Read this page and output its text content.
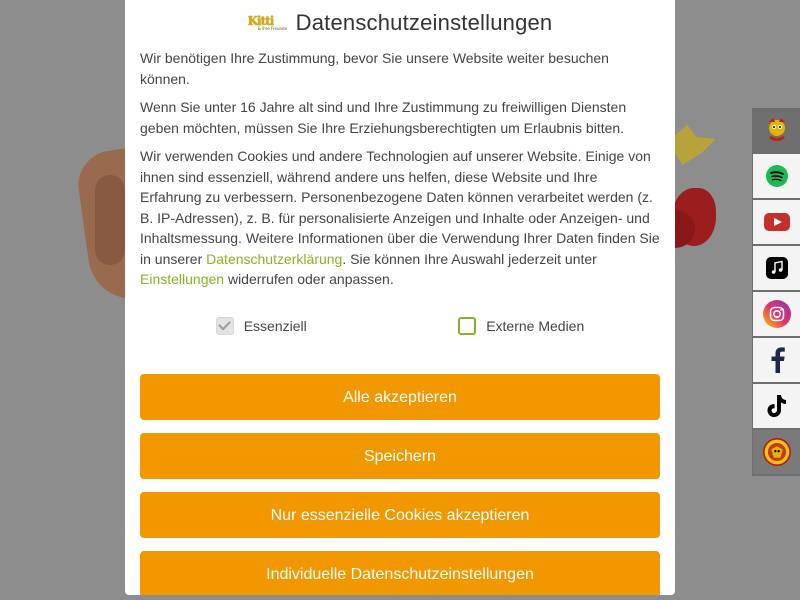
Kitti
& ihre Freunde Datenschutzeinstellungen

Wir benötigen Ihre Zustimmung, bevor Sie unsere Website weiter besuchen können.

Wenn Sie unter 16 Jahre alt sind und Ihre Zustimmung zu freiwilligen Diensten geben möchten, müssen Sie Ihre Erziehungsberechtigten um Erlaubnis bitten.

Wir verwenden Cookies und andere Technologien auf unserer Website. Einige von ihnen sind essenziell, während andere uns helfen, diese Website und Ihre Erfahrung zu verbessern. Personenbezogene Daten können verarbeitet werden (z. B. IP-Adressen), z. B. für personalisierte Anzeigen und Inhalte oder Anzeigen- und Inhaltsmessung. Weitere Informationen über die Verwendung Ihrer Daten finden Sie in unserer Datenschutzerklärung. Sie können Ihre Auswahl jederzeit unter Einstellungen widerrufen oder anpassen.

Essenziell	Externe Medien
Alle akzeptieren
Speichern
Nur essenzielle Cookies akzeptieren
Individuelle Datenschutzeinstellungen
